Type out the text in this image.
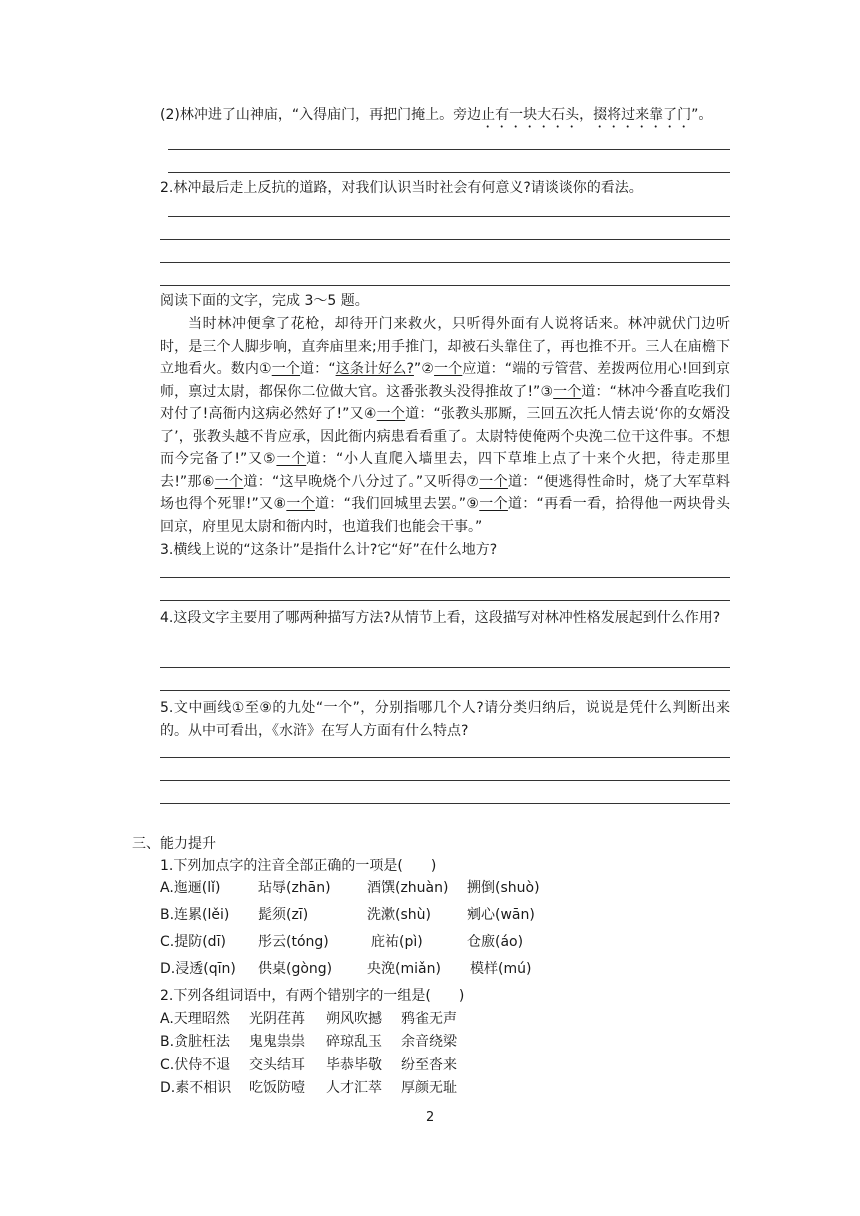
(2)林冲进了山神庙，“入得庙门，再把门掩上。旁边止有一块大石头，掇将过来靠了门”。
2.林冲最后走上反抗的道路，对我们认识当时社会有何意义?请谈谈你的看法。
阅读下面的文字，完成 3～5 题。
当时林冲便拿了花枪，却待开门来救火，只听得外面有人说将话来。林冲就伏门边听时，是三个人脚步响，直奔庙里来;用手推门，却被石头靠住了，再也推不开。三人在庙檐下立地看火。数内①一个道：“这条计好么?”②一个应道：“端的亏管营、差拨两位用心!回到京师，禀过太尉，都保你二位做大官。这番张教头没得推故了!”③一个道：“林冲今番直吃我们对付了!高衙内这病必然好了!”又④一个道：“张教头那厮，三回五次托人情去说‘你的女婿没了’，张教头越不肯应承，因此衙内病患看看重了。太尉特使俺两个央浼二位干这件事。不想而今完备了!”又⑤一个道：“小人直爬入墙里去，四下草堆上点了十来个火把，待走那里去!”那⑥一个道：“这早晚烧个八分过了。”又听得⑦一个道：“便逃得性命时，烧了大军草料场也得个死罪!”又⑧一个道：“我们回城里去罢。”⑨一个道：“再看一看，拾得他一两块骨头回京，府里见太尉和衙内时，也道我们也能会干事。”
3.横线上说的“这条计”是指什么计?它“好”在什么地方?
4.这段文字主要用了哪两种描写方法?从情节上看，这段描写对林冲性格发展起到什么作用?
5.文中画线①至⑨的九处“一个”，分别指哪几个人?请分类归纳后，说说是凭什么判断出来的。从中可看出，《水浒》在写人方面有什么特点?
三、能力提升
1.下列加点字的注音全部正确的一项是(　　)
A.迤逦(lǐ)	玷辱(zhān)	酒馔(zhuàn) 搠倒(shuò)
B.连累(lěi) 髭须(zī)	洗漱(shù)	剜心(wān)
C.提防(dī) 彤云(tóng)	庇祐(pì)	仓廒(áo)
D.浸透(qīn) 供桌(gòng) 央浼(miǎn) 模样(mú)
2.下列各组词语中，有两个错别字的一组是(　　)
A.天理昭然 光阴荏苒 朔风吹撼 鸦雀无声
B.贪脏枉法 鬼鬼祟祟 碎琼乱玉 余音绕梁
C.伏侍不退 交头结耳 毕恭毕敬 纷至沓来
D.素不相识 吃饭防噎 人才汇萃 厚颜无耻
2
